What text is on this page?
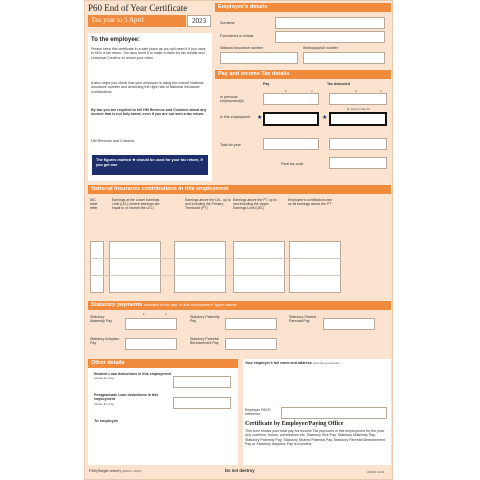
P60 End of Year Certificate
Tax year to 5 April	2023
To the employee:
Please keep this certificate in a safe place as you will need it if you have to fill in a tax return. You also need it to make a claim for tax credits and Universal Credit or to renew your claim.
It also helps you check that your employer is using the correct National Insurance number and deducting the right rate of National Insurance contributions.
By law you are required to tell HM Revenue and Customs about any income that is not fully taxed, even if you are not sent a tax return.
HM Revenue and Customs
The figures marked ★ should be used for your tax return, if you get one
Employee's details
Surname
Forenames or initials
National Insurance number	Works/payroll number
Pay and Income Tax details
Pay	Tax deducted
£	p	£	p
In previous employment(s)
R refund mark 'R'
In this employment	★	★
Total for year
Final tax code
National Insurance contributions in this employment
NIC table letter
Earnings at the Lower Earnings Limit (LEL) (where earnings are equal to or exceed the LEL)
Earnings above the LEL, up to and including the Primary Threshold (PT)
Earnings above the PT, up to and including the Upper Earnings Limit (UEL)
Employee's contributions due on all earnings above the PT
Statutory payments included in the pay 'In this employment' figure above
£	p
Statutory Maternity Pay
Statutory Paternity Pay
Statutory Shared Parental Pay
Statutory Adoption Pay
Statutory Parental Bereavement Pay
Other details
Student Loan deductions in this employment
(whole £s only)
Postgraduate Loan deductions in this employment
(whole £s only)
To employee
Your employer's full name and address (including postcode)
Employer PAYE reference
Certificate by Employer/Paying Office
This form shows your total pay for Income Tax purposes in this employment for the year. Any overtime, bonus, commission etc, Statutory Sick Pay, Statutory Maternity Pay, Statutory Paternity Pay, Statutory Shared Parental Pay, Statutory Parental Bereavement Pay or Statutory Adoption Pay is included.
P60(Single sheet) (2022 to 2023)	Do not destroy	HMRC 12/21
